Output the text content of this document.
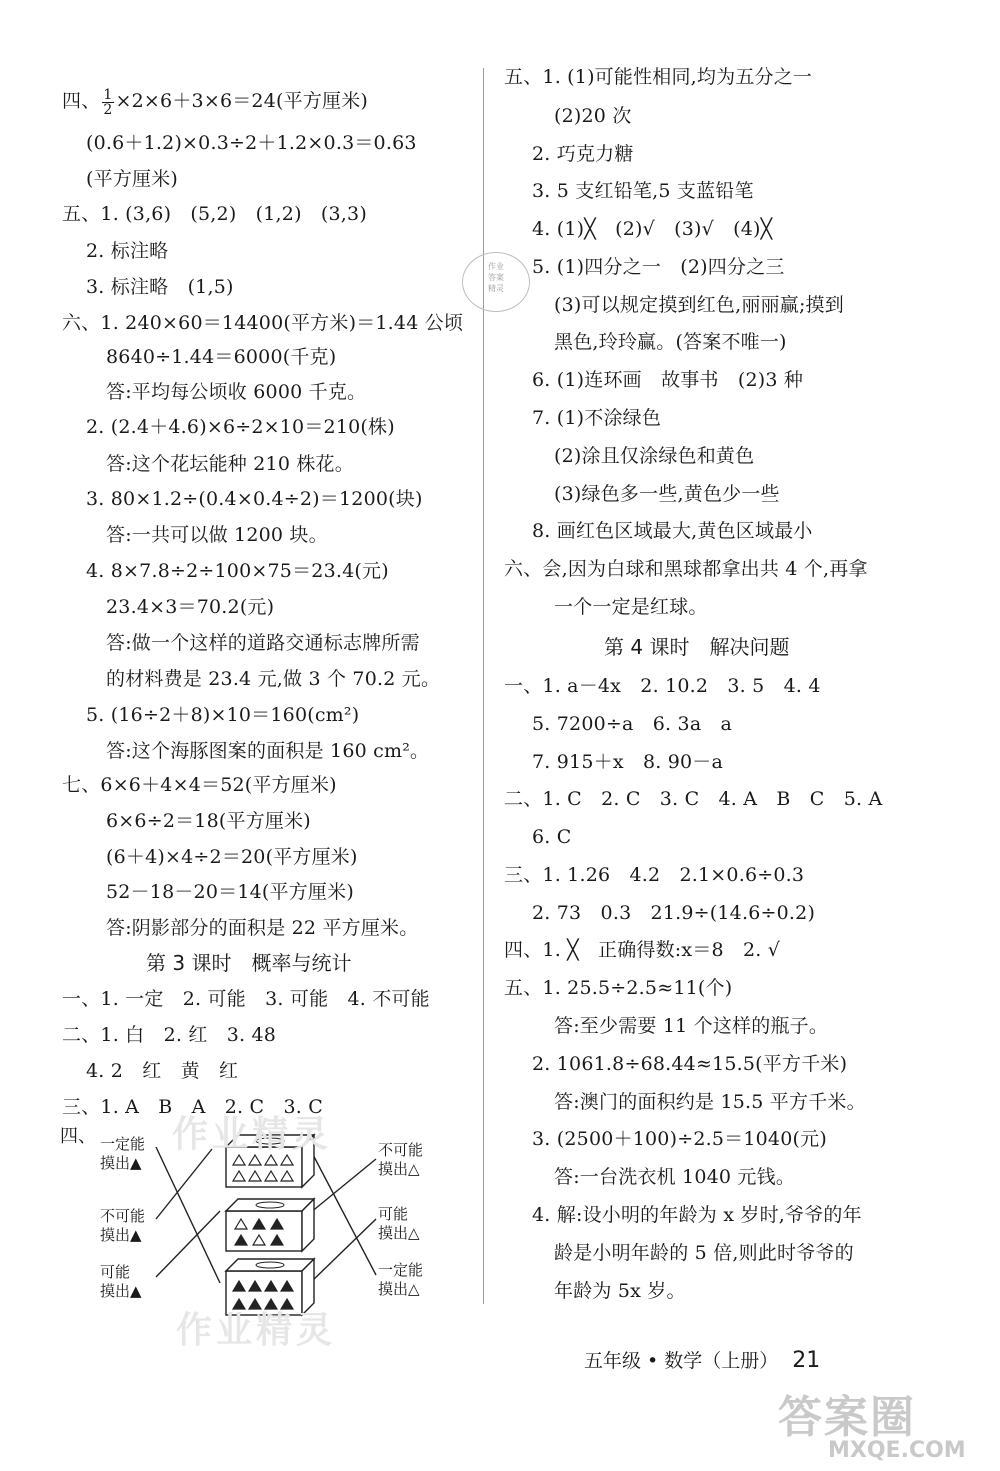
四、 $\frac{1}{2} \times 2\times 6+3\times 6=24$(平方厘米)
(0.6＋1.2)×0.3÷2＋1.2×0.3＝0.63
(平方厘米)
五、1. (3,6)　(5,2)　(1,2)　(3,3)
2. 标注略
3. 标注略　(1,5)
六、1. 240×60＝14400(平方米)＝1.44 公顷
8640÷1.44＝6000(千克)
答:平均每公顷收 6000 千克。
2. (2.4＋4.6)×6÷2×10＝210(株)
答:这个花坛能种 210 株花。
3. 80×1.2÷(0.4×0.4÷2)＝1200(块)
答:一共可以做 1200 块。
4. 8×7.8÷2÷100×75＝23.4(元)
23.4×3＝70.2(元)
答:做一个这样的道路交通标志牌所需
的材料费是 23.4 元,做 3 个 70.2 元。
5. (16÷2＋8)×10＝160(cm²)
答:这个海豚图案的面积是 160 cm²。
七、6×6＋4×4＝52(平方厘米)
6×6÷2＝18(平方厘米)
(6＋4)×4÷2＝20(平方厘米)
52－18－20＝14(平方厘米)
答:阴影部分的面积是 22 平方厘米。
第 3 课时　概率与统计
一、1. 一定　2. 可能　3. 可能　4. 不可能
二、1. 白　2. 红　3. 48
4. 2　红　黄　红
三、1. A　B　A　2. C　3. C
四、 一定能
摸出▲
不可能
摸出▲
可能
摸出▲
不可能
摸出△
可能
摸出△
一定能
摸出△
五、1. (1)可能性相同,均为五分之一
(2)20 次
2. 巧克力糖
3. 5 支红铅笔,5 支蓝铅笔
4. (1)╳　(2)√　(3)√　(4)╳
5. (1)四分之一　(2)四分之三
(3)可以规定摸到红色,丽丽赢;摸到
黑色,玲玲赢。(答案不唯一)
6. (1)连环画　故事书　(2)3 种
7. (1)不涂绿色
(2)涂且仅涂绿色和黄色
(3)绿色多一些,黄色少一些
8. 画红色区域最大,黄色区域最小
六、会,因为白球和黑球都拿出共 4 个,再拿
一个一定是红球。
第 4 课时　解决问题
一、1. a－4x　2. 10.2　3. 5　4. 4
5. 7200÷a　6. 3a　a
7. 915＋x　8. 90－a
二、1. C　2. C　3. C　4. A　B　C　5. A
6. C
三、1. 1.26　4.2　2.1×0.6÷0.3
2. 73　0.3　21.9÷(14.6÷0.2)
四、1. ╳　正确得数:x＝8　2. √
五、1. 25.5÷2.5≈11(个)
答:至少需要 11 个这样的瓶子。
2. 1061.8÷68.44≈15.5(平方千米)
答:澳门的面积约是 15.5 平方千米。
3. (2500＋100)÷2.5＝1040(元)
答:一台洗衣机 1040 元钱。
4. 解:设小明的年龄为 x 岁时,爷爷的年
龄是小明年龄的 5 倍,则此时爷爷的
年龄为 5x 岁。
作业
答案
精灵
作业精灵
作业精灵
五年级 • 数学（上册） 21
答案圈
MXQE.COM
